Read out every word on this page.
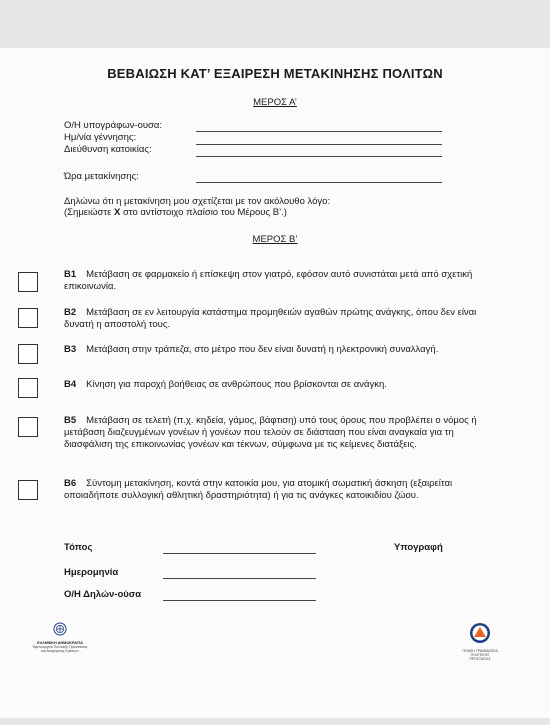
ΒΕΒΑΙΩΣΗ ΚΑΤ’ ΕΞΑΙΡΕΣΗ ΜΕΤΑΚΙΝΗΣΗΣ ΠΟΛΙΤΩΝ
ΜΕΡΟΣ Α’
Ο/Η υπογράφων-ουσα:
Ημ/νία γέννησης:
Διεύθυνση κατοικίας:
Ώρα μετακίνησης:
Δηλώνω ότι η μετακίνηση μου σχετίζεται με τον ακόλουθο λόγο:
(Σημειώστε X στο αντίστοιχο πλαίσιο του Μέρους Β’.)
ΜΕΡΟΣ Β’
B1 Μετάβαση σε φαρμακείο ή επίσκεψη στον γιατρό, εφόσον αυτό συνιστάται μετά από σχετική επικοινωνία.
B2 Μετάβαση σε εν λειτουργία κατάστημα προμηθειών αγαθών πρώτης ανάγκης, όπου δεν είναι δυνατή η αποστολή τους.
B3 Μετάβαση στην τράπεζα, στο μέτρο που δεν είναι δυνατή η ηλεκτρονική συναλλαγή.
B4 Κίνηση για παροχή βοήθειας σε ανθρώπους που βρίσκονται σε ανάγκη.
B5 Μετάβαση σε τελετή (π.χ. κηδεία, γάμος, βάφτιση) υπό τους όρους που προβλέπει ο νόμος ή μετάβαση διαζευγμένων γονέων ή γονέων που τελούν σε διάσταση που είναι αναγκαία για τη διασφάλιση της επικοινωνίας γονέων και τέκνων, σύμφωνα με τις κείμενες διατάξεις.
B6 Σύντομη μετακίνηση, κοντά στην κατοικία μου, για ατομική σωματική άσκηση (εξαιρείται οποιαδήποτε συλλογική αθλητική δραστηριότητα) ή για τις ανάγκες κατοικιδίου ζώου.
Τόπος	Υπογραφή
Ημερομηνία
Ο/Η Δηλών-ούσα
ΕΛΛΗΝΙΚΗ ΔΗΜΟΚΡΑΤΙΑ
Υφυπουργείο Πολιτικής Προστασίας
και Διαχείρισης Κρίσεων	ΓΕΝΙΚΗ ΓΡΑΜΜΑΤΕΙΑ
ΠΟΛΙΤΙΚΗΣ ΠΡΟΣΤΑΣΙΑΣ
